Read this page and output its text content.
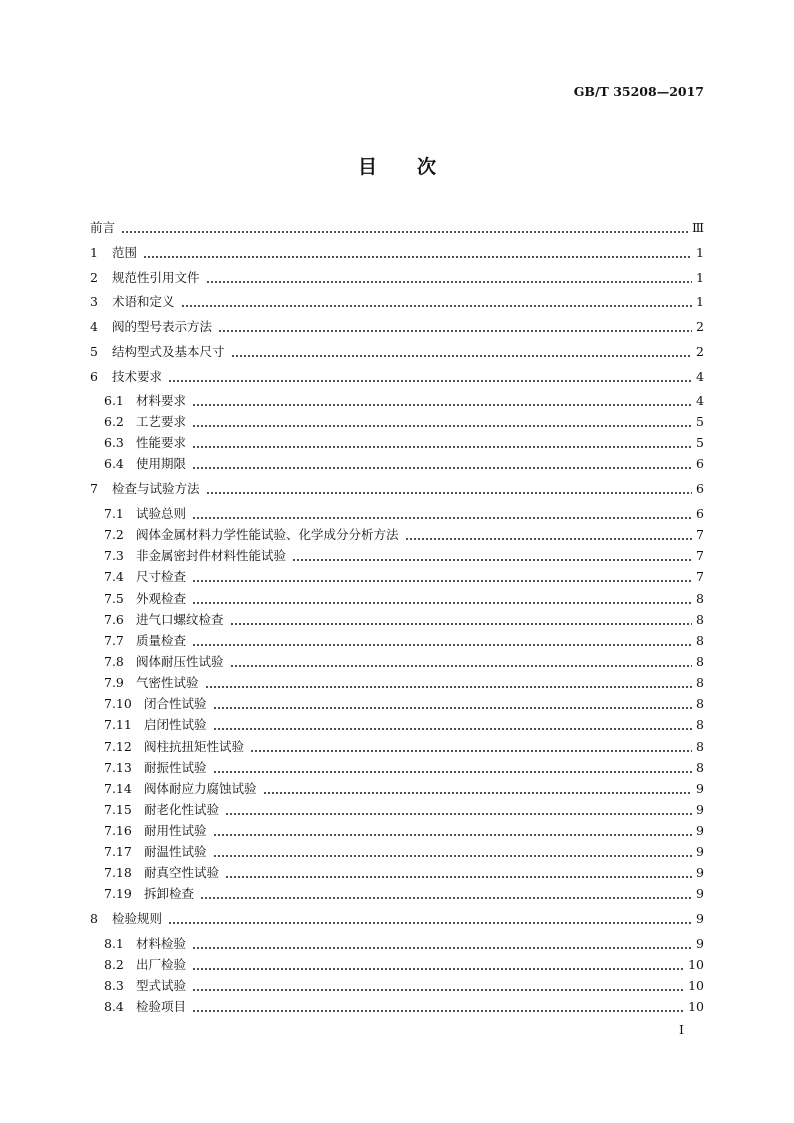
GB/T 35208—2017
目 次
前言	Ⅲ
1	范围	1
2	规范性引用文件	1
3	术语和定义	1
4	阀的型号表示方法	2
5	结构型式及基本尺寸	2
6	技术要求	4
6.1 材料要求	4
6.2 工艺要求	5
6.3 性能要求	5
6.4 使用期限	6
7	检查与试验方法	6
7.1 试验总则	6
7.2 阀体金属材料力学性能试验、化学成分分析方法	7
7.3 非金属密封件材料性能试验	7
7.4 尺寸检查	7
7.5 外观检查	8
7.6 进气口螺纹检查	8
7.7 质量检查	8
7.8 阀体耐压性试验	8
7.9 气密性试验	8
7.10 闭合性试验	8
7.11 启闭性试验	8
7.12 阀柱抗扭矩性试验	8
7.13 耐振性试验	8
7.14 阀体耐应力腐蚀试验	9
7.15 耐老化性试验	9
7.16 耐用性试验	9
7.17 耐温性试验	9
7.18 耐真空性试验	9
7.19 拆卸检查	9
8	检验规则	9
8.1 材料检验	9
8.2 出厂检验	10
8.3 型式试验	10
8.4 检验项目	10
I
